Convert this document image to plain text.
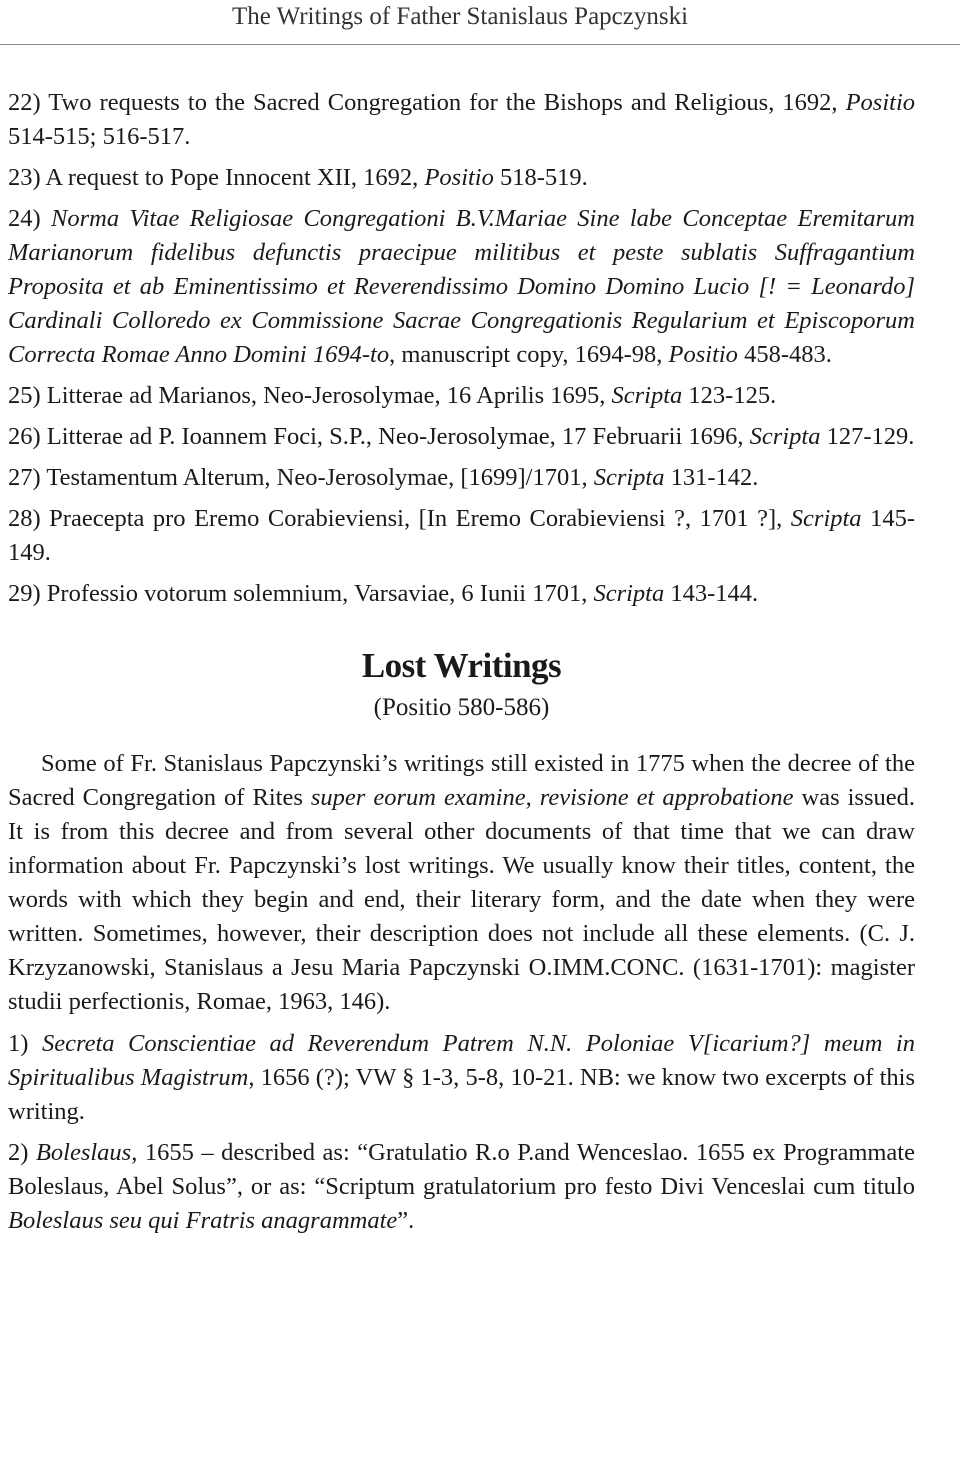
The Writings of Father Stanislaus Papczynski

22) Two requests to the Sacred Congregation for the Bishops and Religious, 1692, Positio 514-515; 516-517.

23) A request to Pope Innocent XII, 1692, Positio 518-519.

24) Norma Vitae Religiosae Congregationi B.V.Mariae Sine labe Conceptae Eremitarum Marianorum fidelibus defunctis praecipue militibus et peste sublatis Suffragantium Proposita et ab Eminentissimo et Reverendissimo Domino Domino Lucio [! = Leonardo] Cardinali Colloredo ex Commissione Sacrae Congregationis Regularium et Episcoporum Correcta Romae Anno Domini 1694-to, manuscript copy, 1694-98, Positio 458-483.

25) Litterae ad Marianos, Neo-Jerosolymae, 16 Aprilis 1695, Scripta 123-125.

26) Litterae ad P. Ioannem Foci, S.P., Neo-Jerosolymae, 17 Februarii 1696, Scripta 127-129.

27) Testamentum Alterum, Neo-Jerosolymae, [1699]/1701, Scripta 131-142.

28) Praecepta pro Eremo Corabieviensi, [In Eremo Corabieviensi ?, 1701 ?], Scripta 145-149.

29) Professio votorum solemnium, Varsaviae, 6 Iunii 1701, Scripta 143-144.

Lost Writings
(Positio 580-586)

Some of Fr. Stanislaus Papczynski’s writings still existed in 1775 when the decree of the Sacred Congregation of Rites super eorum examine, revisione et approbatione was issued. It is from this decree and from several other documents of that time that we can draw information about Fr. Papczynski’s lost writings. We usually know their titles, content, the words with which they begin and end, their literary form, and the date when they were written. Sometimes, however, their description does not include all these elements. (C. J. Krzyzanowski, Stanislaus a Jesu Maria Papczynski O.IMM.CONC. (1631-1701): magister studii perfectionis, Romae, 1963, 146).

1) Secreta Conscientiae ad Reverendum Patrem N.N. Poloniae V[icarium?] meum in Spiritualibus Magistrum, 1656 (?); VW § 1-3, 5-8, 10-21. NB: we know two excerpts of this writing.

2) Boleslaus, 1655 – described as: “Gratulatio R.o P.and Wenceslao. 1655 ex Programmate Boleslaus, Abel Solus”, or as: “Scriptum gratulatorium pro festo Divi Venceslai cum titulo Boleslaus seu qui Fratris anagrammate”.
